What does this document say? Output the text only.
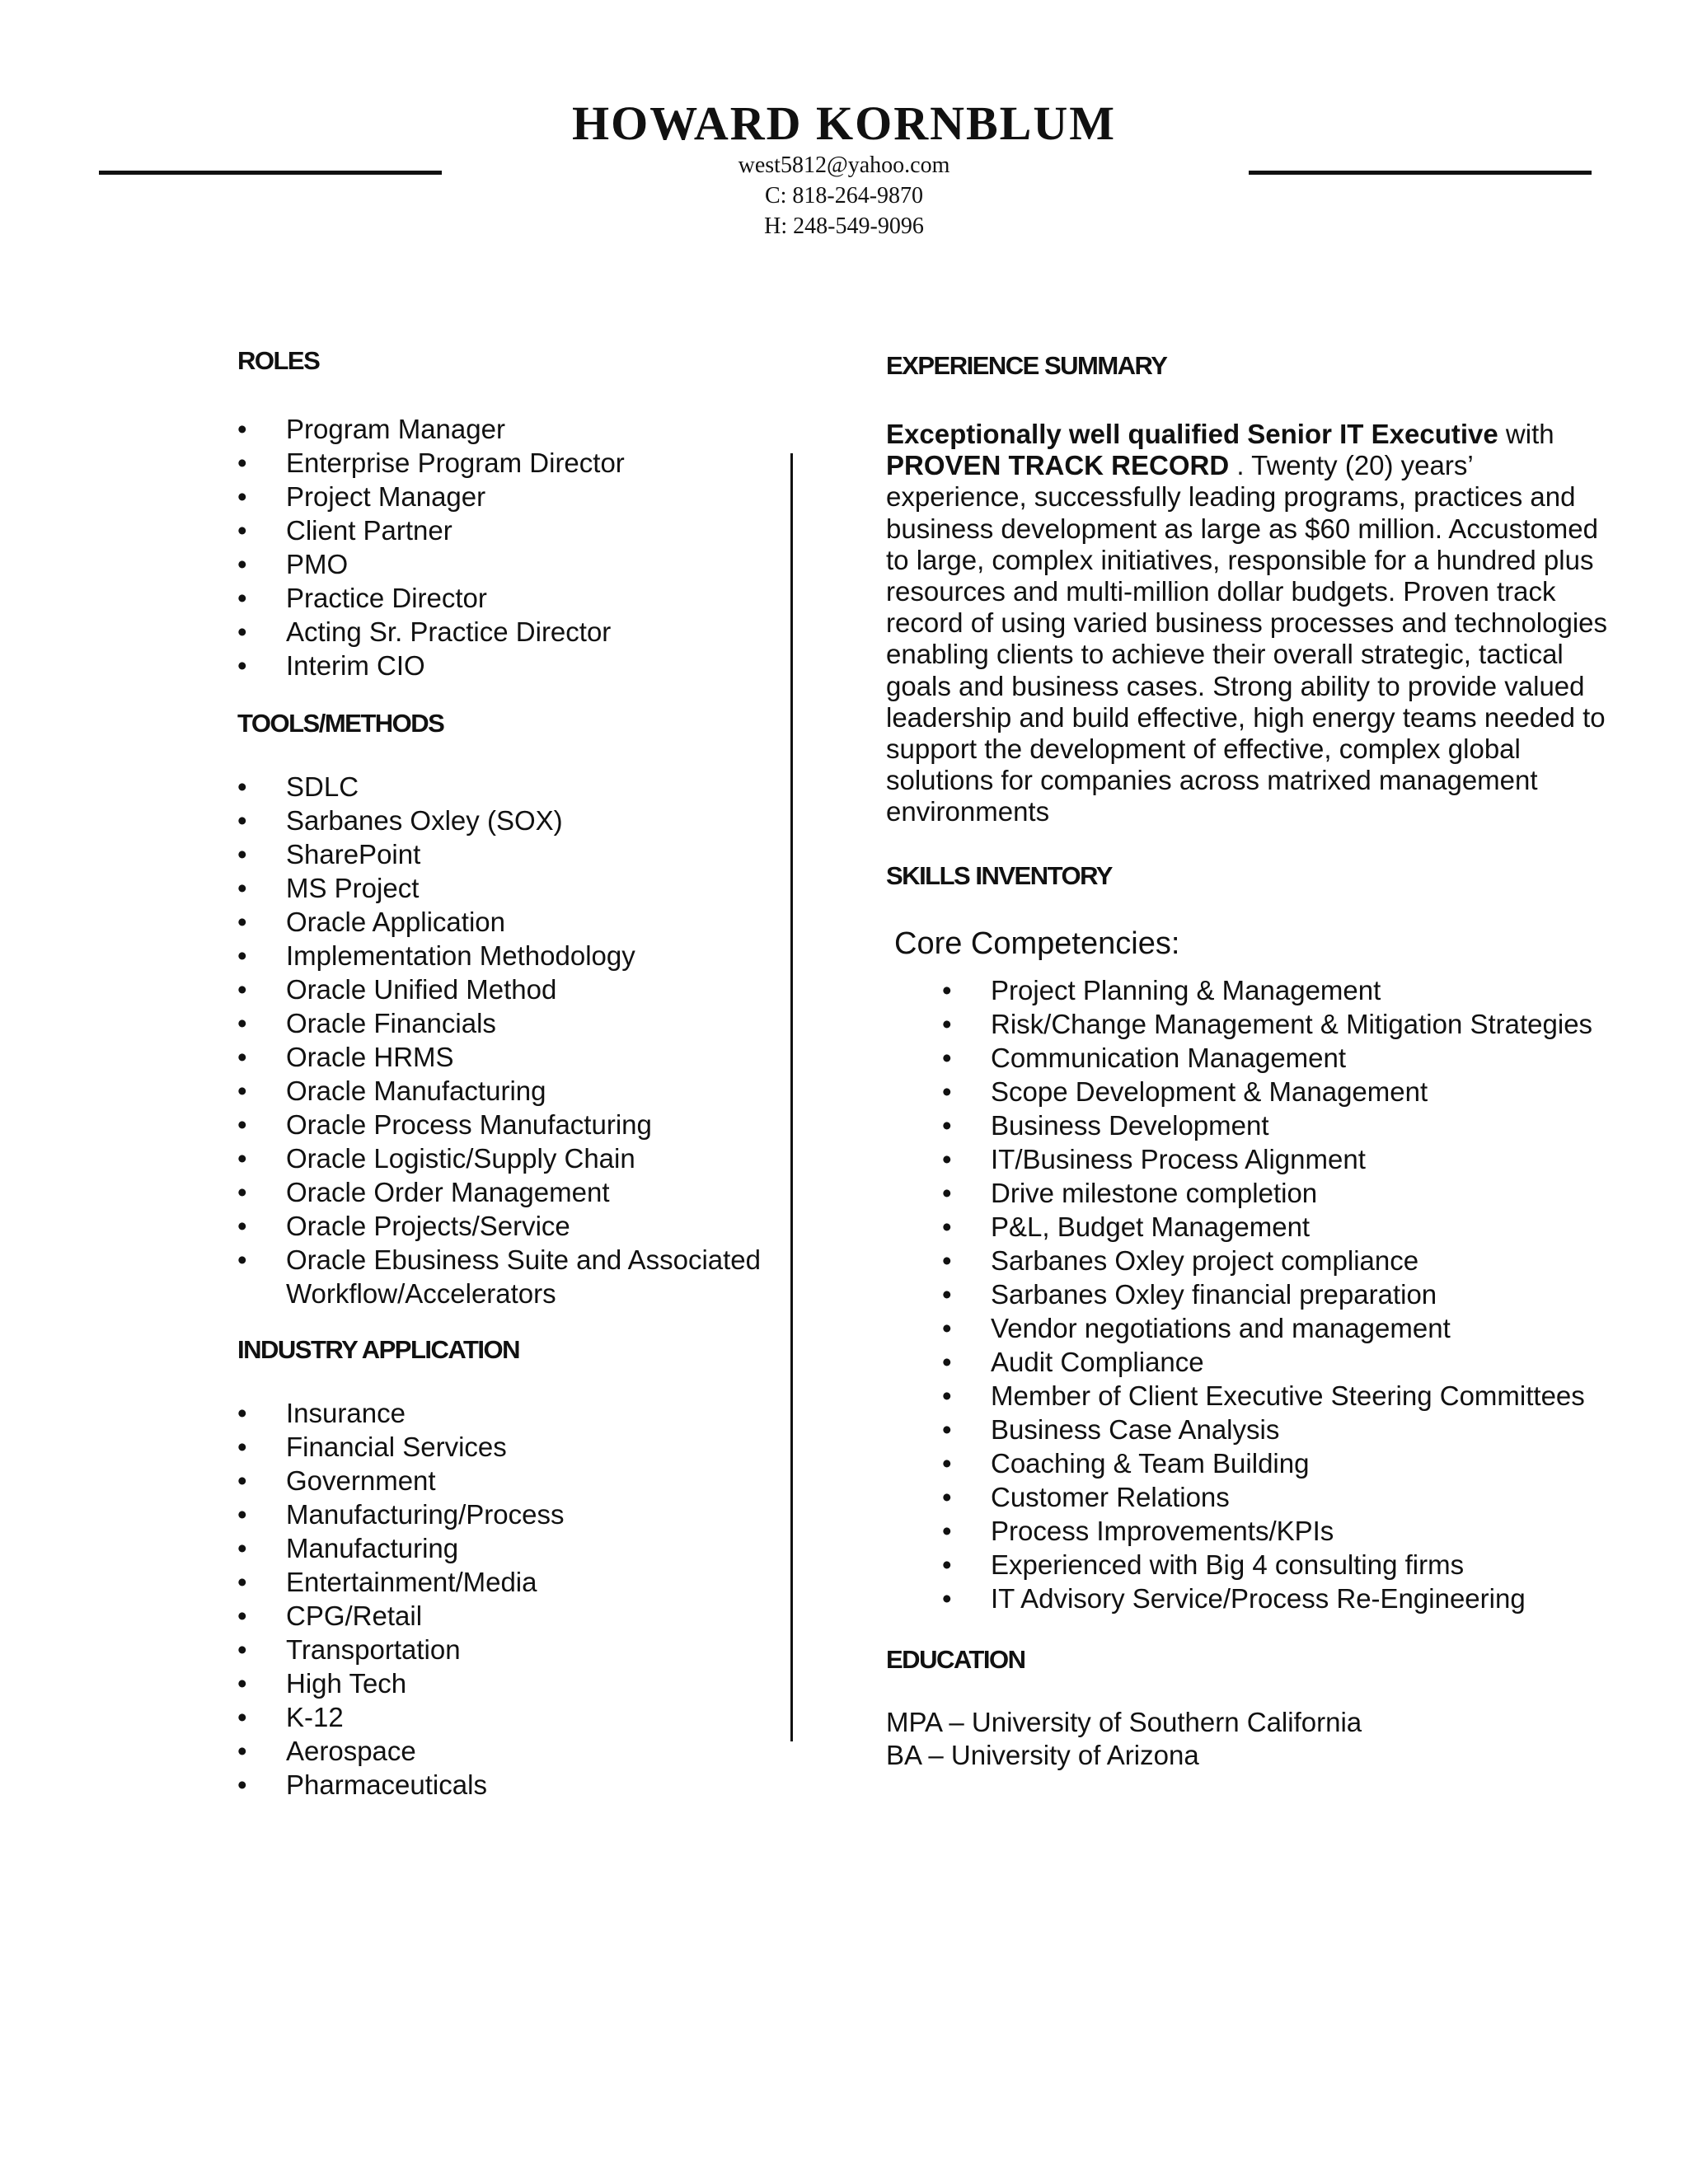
HOWARD KORNBLUM
west5812@yahoo.com
C: 818-264-9870
H: 248-549-9096
ROLES
• Program Manager
• Enterprise Program Director
• Project Manager
• Client Partner
• PMO
• Practice Director
• Acting Sr. Practice Director
• Interim CIO
TOOLS/METHODS
• SDLC
• Sarbanes Oxley (SOX)
• SharePoint
• MS Project
• Oracle Application
• Implementation Methodology
• Oracle Unified Method
• Oracle Financials
• Oracle HRMS
• Oracle Manufacturing
• Oracle Process Manufacturing
• Oracle Logistic/Supply Chain
• Oracle Order Management
• Oracle Projects/Service
• Oracle Ebusiness Suite and Associated Workflow/Accelerators
INDUSTRY APPLICATION
• Insurance
• Financial Services
• Government
• Manufacturing/Process
• Manufacturing
• Entertainment/Media
• CPG/Retail
• Transportation
• High Tech
• K-12
• Aerospace
• Pharmaceuticals
EXPERIENCE SUMMARY

Exceptionally well qualified Senior IT Executive with PROVEN TRACK RECORD . Twenty (20) years’ experience, successfully leading programs, practices and business development as large as $60 million. Accustomed to large, complex initiatives, responsible for a hundred plus resources and multi-million dollar budgets. Proven track record of using varied business processes and technologies enabling clients to achieve their overall strategic, tactical goals and business cases. Strong ability to provide valued leadership and build effective, high energy teams needed to support the development of effective, complex global solutions for companies across matrixed management environments

SKILLS INVENTORY
Core Competencies:
• Project Planning & Management
• Risk/Change Management & Mitigation Strategies
• Communication Management
• Scope Development & Management
• Business Development
• IT/Business Process Alignment
• Drive milestone completion
• P&L, Budget Management
• Sarbanes Oxley project compliance
• Sarbanes Oxley financial preparation
• Vendor negotiations and management
• Audit Compliance
• Member of Client Executive Steering Committees
• Business Case Analysis
• Coaching & Team Building
• Customer Relations
• Process Improvements/KPIs
• Experienced with Big 4 consulting firms
• IT Advisory Service/Process Re-Engineering
EDUCATION
MPA – University of Southern California
BA – University of Arizona
